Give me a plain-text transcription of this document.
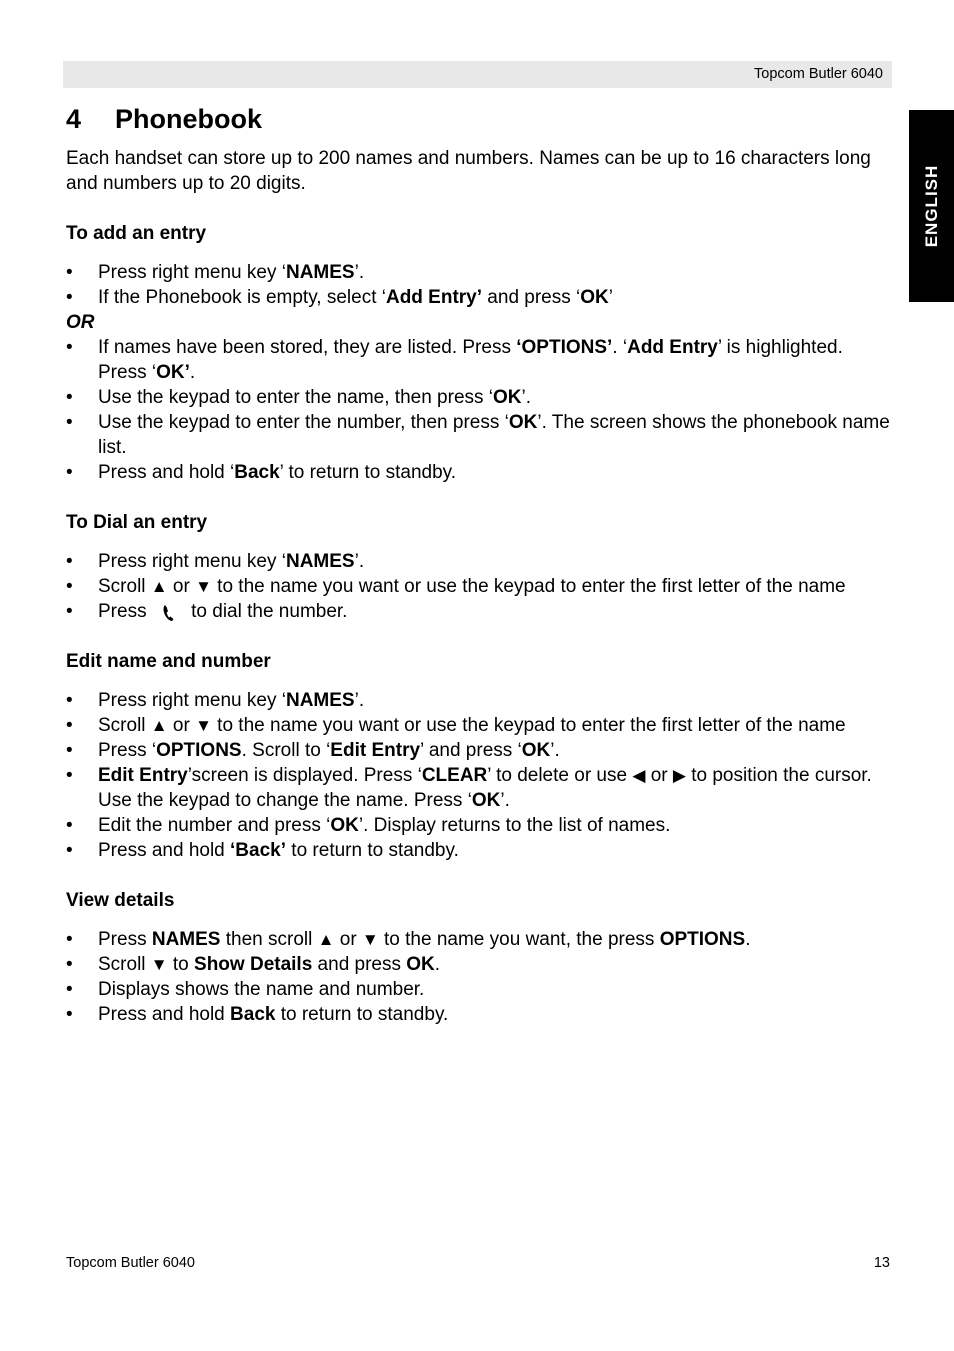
Topcom Butler 6040
ENGLISH
4 Phonebook

Each handset can store up to 200 names and numbers. Names can be up to 16 characters long and numbers up to 20 digits.

To add an entry
• Press right menu key ‘NAMES’.
• If the Phonebook is empty, select ‘Add Entry’ and press ‘OK’
OR
• If names have been stored, they are listed. Press ‘OPTIONS’. ‘Add Entry’ is highlighted. Press ‘OK’.
• Use the keypad to enter the name, then press ‘OK’.
• Use the keypad to enter the number, then press ‘OK’. The screen shows the phonebook name list.
• Press and hold ‘Back’ to return to standby.
To Dial an entry
• Press right menu key ‘NAMES’.
• Scroll ▲ or ▼ to the name you want or use the keypad to enter the first letter of the name
• Press  to dial the number.
Edit name and number
• Press right menu key ‘NAMES’.
• Scroll ▲ or ▼ to the name you want or use the keypad to enter the first letter of the name
• Press ‘OPTIONS. Scroll to ‘Edit Entry’ and press ‘OK’.
• Edit Entry’screen is displayed. Press ‘CLEAR’ to delete or use ◀ or ▶ to position the cursor. Use the keypad to change the name. Press ‘OK’.
• Edit the number and press ‘OK’. Display returns to the list of names.
• Press and hold ‘Back’ to return to standby.
View details
• Press NAMES then scroll ▲ or ▼ to the name you want, the press OPTIONS.
• Scroll ▼ to Show Details and press OK.
• Displays shows the name and number.
• Press and hold Back to return to standby.
Topcom Butler 6040	13
